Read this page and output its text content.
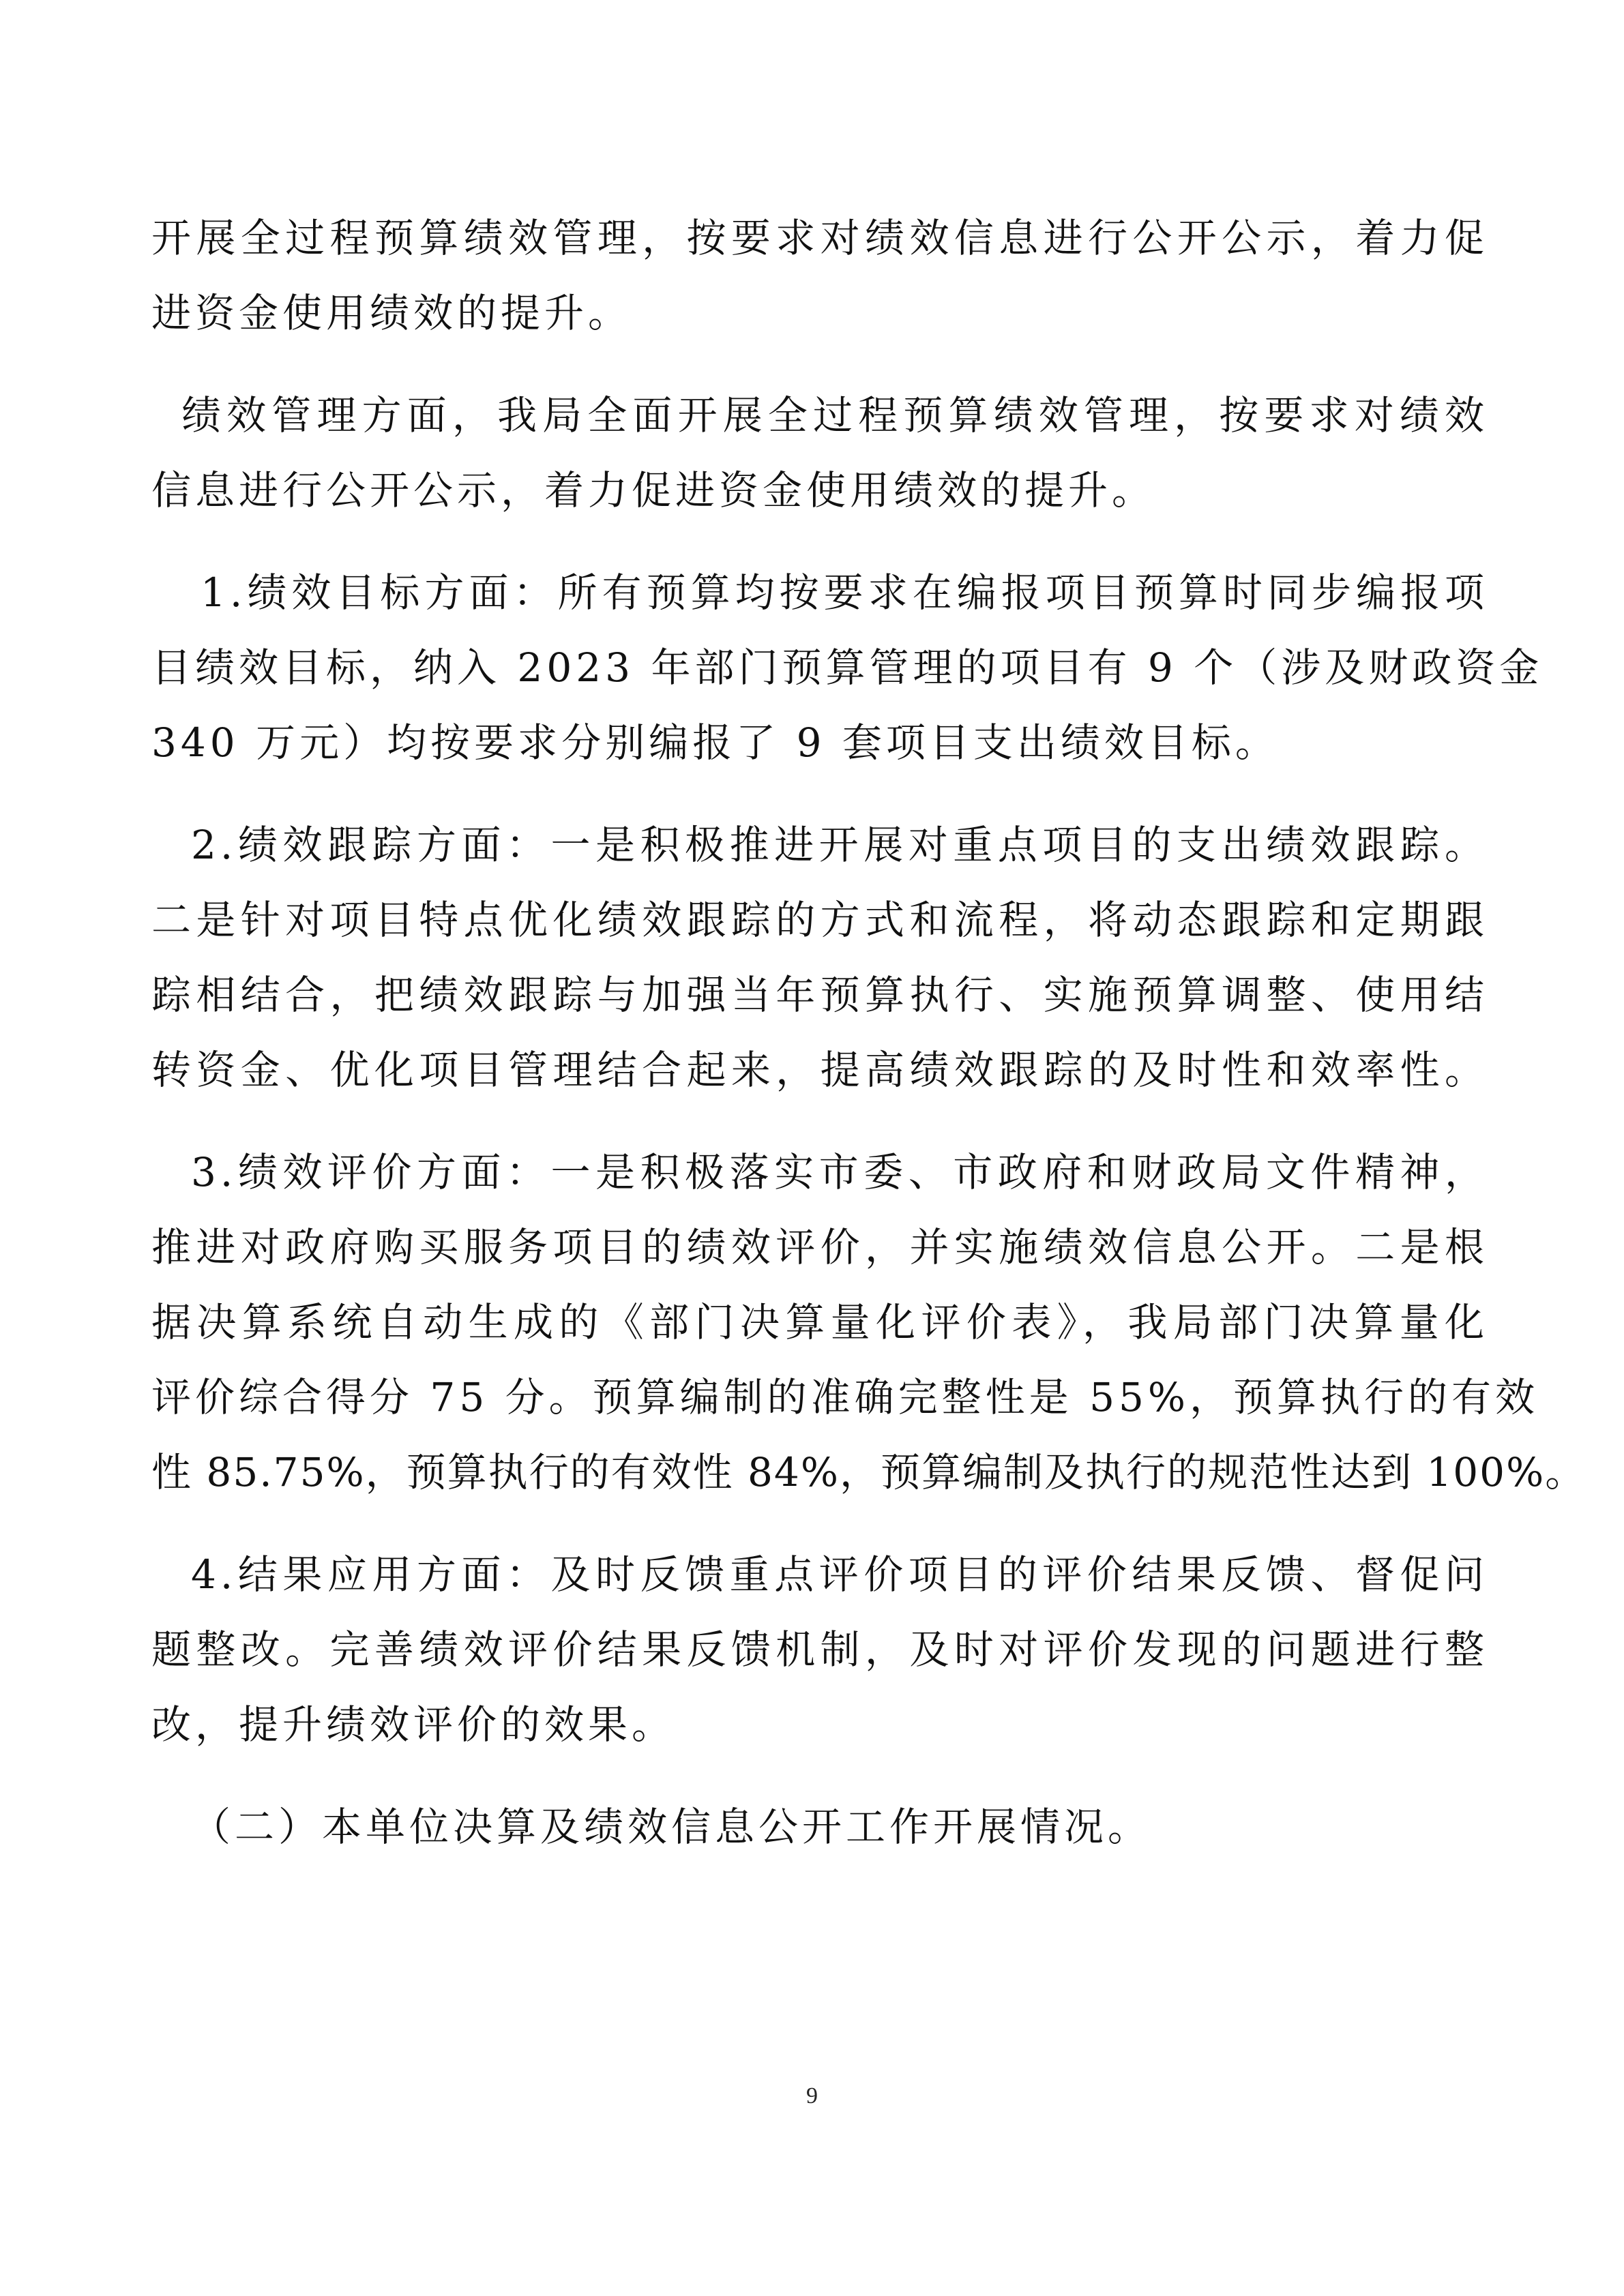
开展全过程预算绩效管理，按要求对绩效信息进行公开公示，着力促
进资金使用绩效的提升。
绩效管理方面，我局全面开展全过程预算绩效管理，按要求对绩效
信息进行公开公示，着力促进资金使用绩效的提升。
1.绩效目标方面：所有预算均按要求在编报项目预算时同步编报项
目绩效目标，纳入 2023 年部门预算管理的项目有 9 个（涉及财政资金
340 万元）均按要求分别编报了 9 套项目支出绩效目标。
2.绩效跟踪方面：一是积极推进开展对重点项目的支出绩效跟踪。
二是针对项目特点优化绩效跟踪的方式和流程，将动态跟踪和定期跟
踪相结合，把绩效跟踪与加强当年预算执行、实施预算调整、使用结
转资金、优化项目管理结合起来，提高绩效跟踪的及时性和效率性。
3.绩效评价方面：一是积极落实市委、市政府和财政局文件精神，
推进对政府购买服务项目的绩效评价，并实施绩效信息公开。二是根
据决算系统自动生成的《部门决算量化评价表》，我局部门决算量化
评价综合得分 75 分。预算编制的准确完整性是 55%，预算执行的有效
性 85.75%，预算执行的有效性 84%，预算编制及执行的规范性达到 100%。
4.结果应用方面：及时反馈重点评价项目的评价结果反馈、督促问
题整改。完善绩效评价结果反馈机制，及时对评价发现的问题进行整
改，提升绩效评价的效果。
（二）本单位决算及绩效信息公开工作开展情况。
9
